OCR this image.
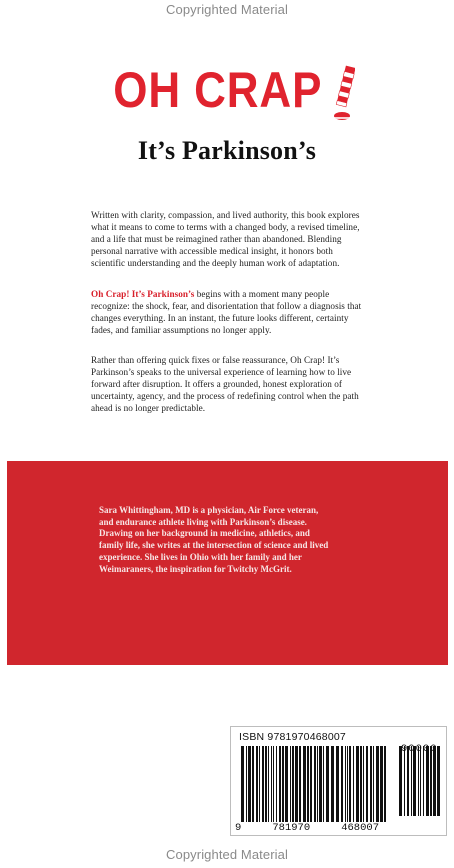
Copyrighted Material
OH CRAP
It’s Parkinson’s

Written with clarity, compassion, and lived authority, this book explores what it means to come to terms with a changed body, a revised timeline, and a life that must be reimagined rather than abandoned. Blending personal narrative with accessible medical insight, it honors both scientific understanding and the deeply human work of adaptation.

Oh Crap! It’s Parkinson’s begins with a moment many people recognize: the shock, fear, and disorientation that follow a diagnosis that changes everything. In an instant, the future looks different, certainty fades, and familiar assumptions no longer apply.

Rather than offering quick fixes or false reassurance, Oh Crap! It’s Parkinson’s speaks to the universal experience of learning how to live forward after disruption. It offers a grounded, honest exploration of uncertainty, agency, and the process of redefining control when the path ahead is no longer predictable.

Sara Whittingham, MD is a physician, Air Force veteran, and endurance athlete living with Parkinson’s disease. Drawing on her background in medicine, athletics, and family life, she writes at the intersection of science and lived experience. She lives in Ohio with her family and her Weimaraners, the inspiration for Twitchy McGrit.
ISBN 9781970468007
9	781970	468007
90000
Copyrighted Material
